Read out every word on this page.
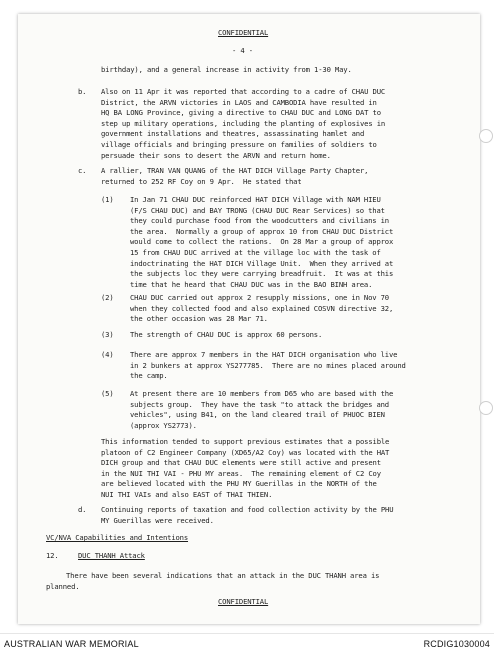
CONFIDENTIAL

- 4 -

birthday), and a general increase in activity from 1-30 May.

b. Also on 11 Apr it was reported that according to a cadre of CHAU DUC

District, the ARVN victories in LAOS and CAMBODIA have resulted in

HQ BA LONG Province, giving a directive to CHAU DUC and LONG DAT to

step up military operations, including the planting of explosives in

government installations and theatres, assassinating hamlet and

village officials and bringing pressure on families of soldiers to

persuade their sons to desert the ARVN and return home.

c. A rallier, TRAN VAN QUANG of the HAT DICH Village Party Chapter,

returned to 252 RF Coy on 9 Apr.  He stated that

(1) In Jan 71 CHAU DUC reinforced HAT DICH Village with NAM HIEU

(F/S CHAU DUC) and BAY TRONG (CHAU DUC Rear Services) so that

they could purchase food from the woodcutters and civilians in

the area.  Normally a group of approx 10 from CHAU DUC District

would come to collect the rations.  On 28 Mar a group of approx

15 from CHAU DUC arrived at the village loc with the task of

indoctrinating the HAT DICH Village Unit.  When they arrived at

the subjects loc they were carrying breadfruit.  It was at this

time that he heard that CHAU DUC was in the BAO BINH area.

(2) CHAU DUC carried out approx 2 resupply missions, one in Nov 70

when they collected food and also explained COSVN directive 32,

the other occasion was 28 Mar 71.

(3) The strength of CHAU DUC is approx 60 persons.

(4) There are approx 7 members in the HAT DICH organisation who live

in 2 bunkers at approx YS277785.  There are no mines placed around

the camp.

(5) At present there are 10 members from D65 who are based with the

subjects group.  They have the task "to attack the bridges and

vehicles", using B41, on the land cleared trail of PHUOC BIEN

(approx YS2773).

This information tended to support previous estimates that a possible

platoon of C2 Engineer Company (XD65/A2 Coy) was located with the HAT

DICH group and that CHAU DUC elements were still active and present

in the NUI THI VAI - PHU MY areas.  The remaining element of C2 Coy

are believed located with the PHU MY Guerillas in the NORTH of the

NUI THI VAIs and also EAST of THAI THIEN.

d. Continuing reports of taxation and food collection activity by the PHU

MY Guerillas were received.

VC/NVA Capabilities and Intentions

12.	DUC THANH Attack

There have been several indications that an attack in the DUC THANH area is

planned.

CONFIDENTIAL

AUSTRALIAN WAR MEMORIAL	RCDIG1030004
